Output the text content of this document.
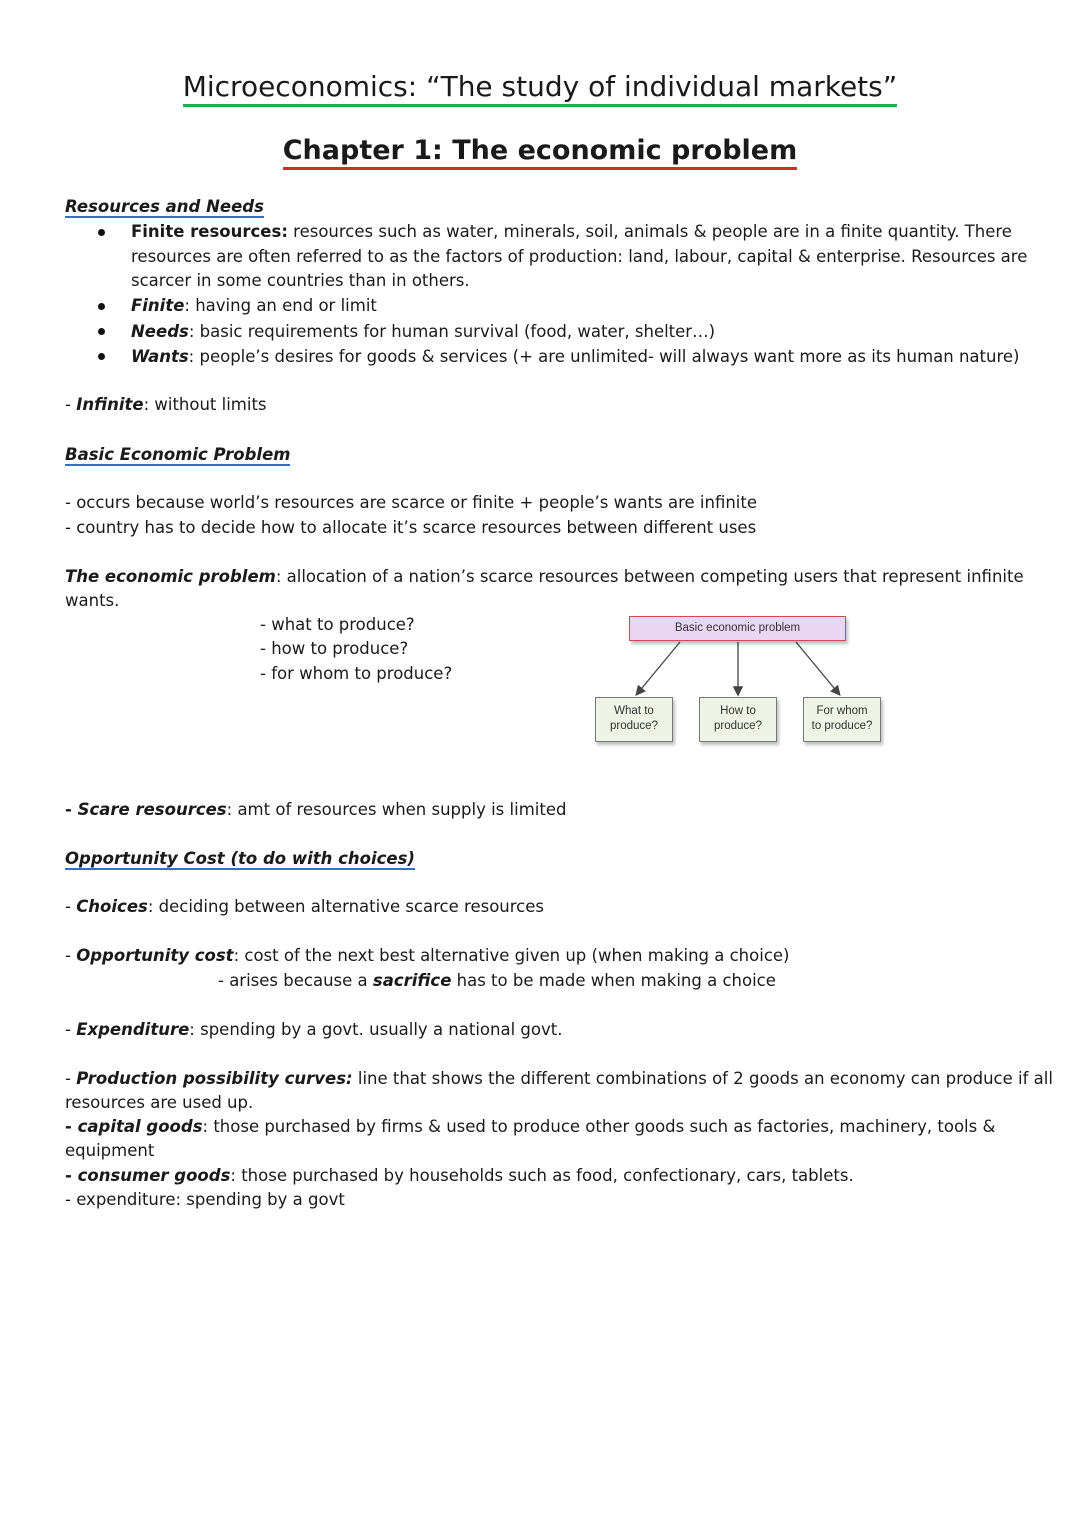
Microeconomics: “The study of individual markets”
Chapter 1: The economic problem
Resources and Needs
Finite resources: resources such as water, minerals, soil, animals & people are in a finite quantity. There
resources are often referred to as the factors of production: land, labour, capital & enterprise. Resources are
scarcer in some countries than in others.
Finite: having an end or limit
Needs: basic requirements for human survival (food, water, shelter…)
Wants: people’s desires for goods & services (+ are unlimited- will always want more as its human nature)
- Infinite: without limits
Basic Economic Problem
- occurs because world’s resources are scarce or finite + people’s wants are infinite
- country has to decide how to allocate it’s scarce resources between different uses
The economic problem: allocation of a nation’s scarce resources between competing users that represent infinite
wants.
- what to produce?
- how to produce?
- for whom to produce?
Basic economic problem
What to
produce?
How to
produce?
For whom
to produce?
- Scare resources: amt of resources when supply is limited
Opportunity Cost (to do with choices)
- Choices: deciding between alternative scarce resources
- Opportunity cost: cost of the next best alternative given up (when making a choice)
- arises because a sacrifice has to be made when making a choice
- Expenditure: spending by a govt. usually a national govt.
- Production possibility curves: line that shows the different combinations of 2 goods an economy can produce if all
resources are used up.
- capital goods: those purchased by firms & used to produce other goods such as factories, machinery, tools &
equipment
- consumer goods: those purchased by households such as food, confectionary, cars, tablets.
- expenditure: spending by a govt
